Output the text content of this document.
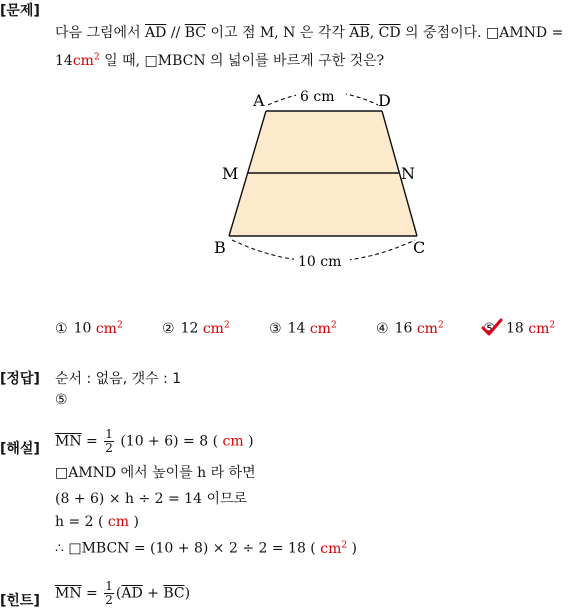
[문제]
다음 그림에서 $\overline{AD} // \overline{BC}$ 이고 점 M, N 은 각각 $\overline{AB}$, $\overline{CD}$ 의 중점이다. □AMND =
$14cm^2$ 일 때, □MBCN 의 넓이를 바르게 구한 것은?
A	D
M	N
B	C
6 cm
10 cm
① 10 $cm^2$	② 12 $cm^2$	③ 14 $cm^2$	④ 16 $cm^2$	⑤ 18 $cm^2$
[정답] 순서 : 없음, 갯수 : 1
⑤
[해설] $\overline{MN} = \frac{1}{2} (10 + 6) = 8$ ( cm )
□AMND 에서 높이를 h 라 하면
(8 + 6) × h ÷ 2 = 14 이므로
h = 2 ( cm )
∴ □MBCN = (10 + 8) × 2 ÷ 2 = 18 ( $cm^2$ )
[힌트] $\overline{MN} = \frac{1}{2} (\overline{AD} + \overline{BC})$
